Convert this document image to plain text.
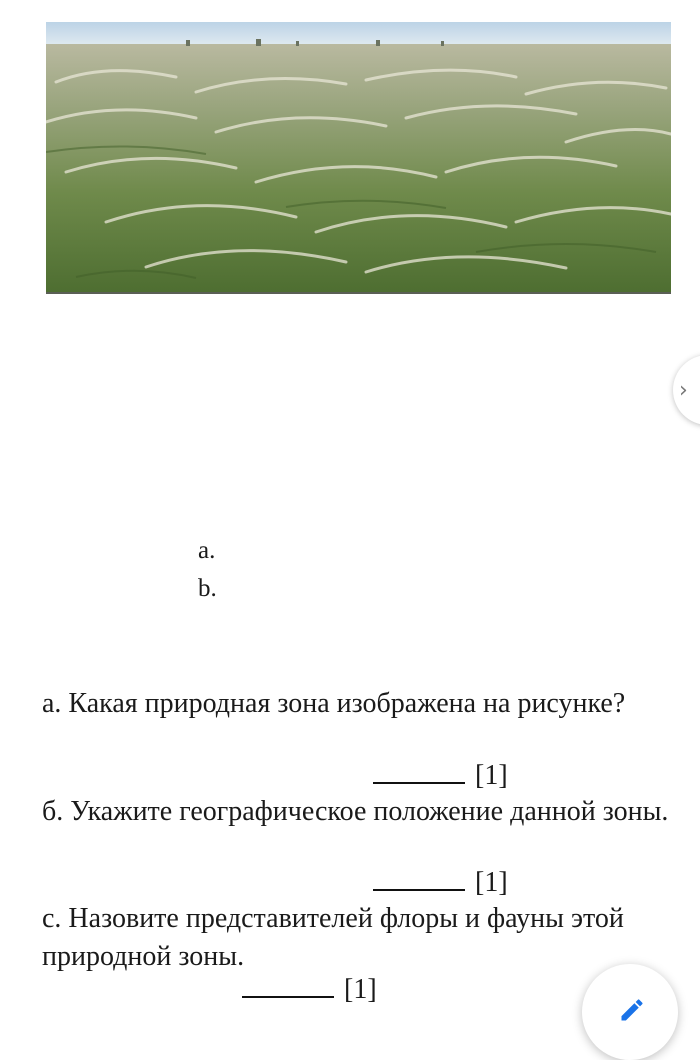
›
a.
b.
a. Какая природная зона изображена на рисунке?
[1]
б. Укажите географическое положение данной зоны.
[1]
c. Назовите представителей флоры и фауны этой природной зоны.
[1]
